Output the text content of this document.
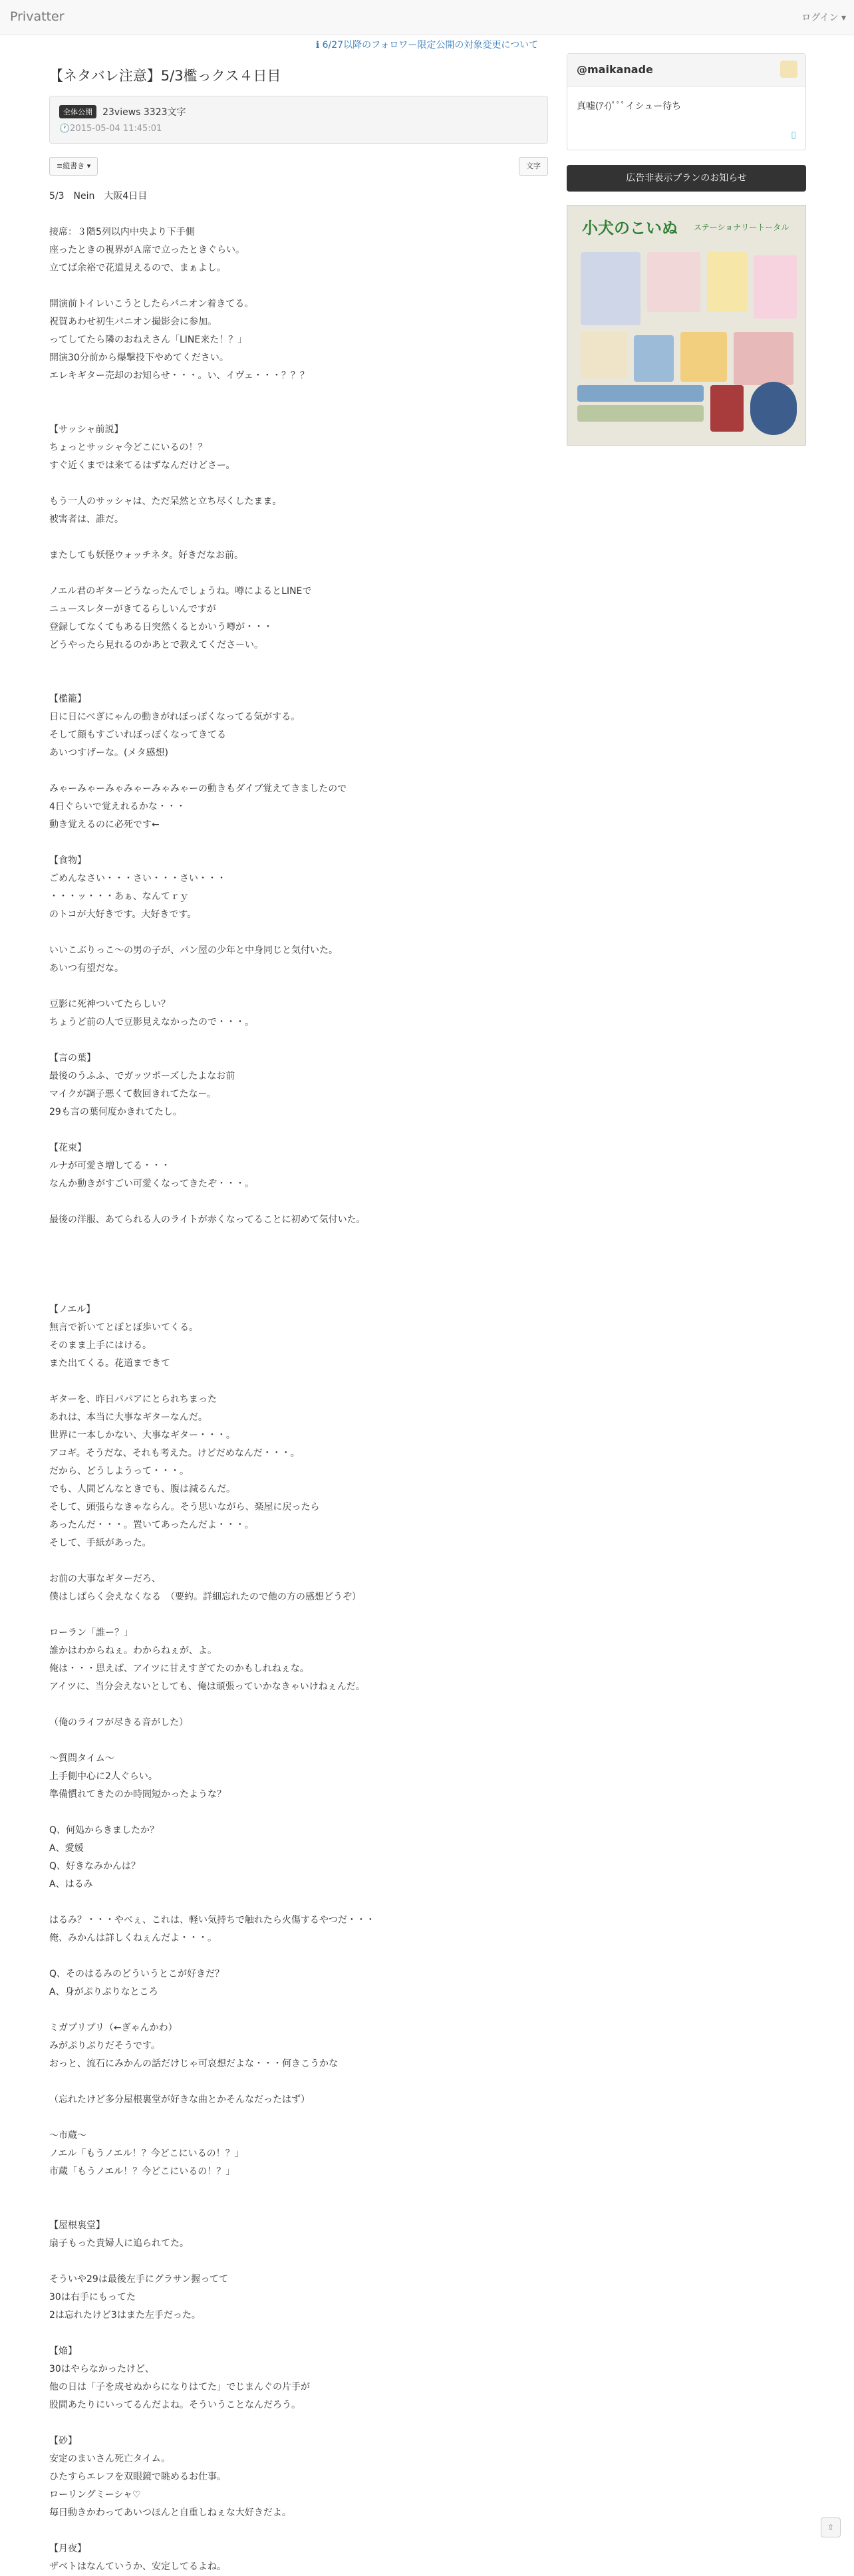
Privatter	ログイン ▾
ℹ 6/27以降のフォロワー限定公開の対象変更について
【ネタバレ注意】5/3檻っクス４日目
全体公開 23views 3323文字
🕐2015-05-04 11:45:01
≡縦書き ▾	文字
5/3　Nein　大阪4日目

接席：３階5列以内中央より下手側
座ったときの視界がＡ席で立ったときぐらい。
立てば余裕で花道見えるので、まぁよし。

開演前トイレいこうとしたらパニオン着きてる。
祝賀あわせ初生パニオン撮影会に参加。
ってしてたら隣のおねえさん「LINE来た！？」
開演30分前から爆撃投下やめてください。
エレキギター売却のお知らせ・・・。い、イヴェ・・・？？？

【サッシャ前説】
ちょっとサッシャ今どこにいるの！？
すぐ近くまでは来てるはずなんだけどさー。

もう一人のサッシャは、ただ呆然と立ち尽くしたまま。
被害者は、誰だ。

またしても妖怪ウォッチネタ。好きだなお前。

ノエル君のギターどうなったんでしょうね。噂によるとLINEで
ニュースレターがきてるらしいんですが
登録してなくてもある日突然くるとかいう噂が・・・
どうやったら見れるのかあとで教えてくださーい。

【檻籠】
日に日にべぎにゃんの動きがれぼっぽくなってる気がする。
そして顔もすごいれぼっぽくなってきてる
あいつすげーな。(メタ感想)

みゃーみゃーみゃみゃーみゃみゃーの動きもダイブ覚えてきましたので
4日ぐらいで覚えれるかな・・・
動き覚えるのに必死です←

【食物】
ごめんなさい・・・さい・・・さい・・・
・・・ッ・・・あぁ、なんてｒｙ
のトコが大好きです。大好きです。

いいこぶりっこ〜の男の子が、パン屋の少年と中身同じと気付いた。
あいつ有望だな。

豆影に死神ついてたらしい？
ちょうど前の人で豆影見えなかったので・・・。

【言の葉】
最後のうふふ、でガッツポーズしたよなお前
マイクが調子悪くて数回きれてたなー。
29も言の葉何度かきれてたし。

【花束】
ルナが可愛さ増してる・・・
なんか動きがすごい可愛くなってきたぞ・・・。

最後の洋服、あてられる人のライトが赤くなってることに初めて気付いた。

【ノエル】
無言で祈いてとぼとぼ歩いてくる。
そのまま上手にはける。
また出てくる。花道まできて

ギターを、昨日パパアにとられちまった
あれは、本当に大事なギターなんだ。
世界に一本しかない、大事なギター・・・。
アコギ。そうだな、それも考えた。けどだめなんだ・・・。
だから、どうしようって・・・。
でも、人間どんなときでも、腹は減るんだ。
そして、頭張らなきゃならん。そう思いながら、楽屋に戻ったら
あったんだ・・・。置いてあったんだよ・・・。
そして、手紙があった。

お前の大事なギターだろ、
僕はしばらく会えなくなる　（要約。詳細忘れたので他の方の感想どうぞ）

ローラン「誰ー？」
誰かはわからねぇ。わからねぇが、よ。
俺は・・・思えば、アイツに甘えすぎてたのかもしれねぇな。
アイツに、当分会えないとしても、俺は頑張っていかなきゃいけねぇんだ。

（俺のライフが尽きる音がした）

〜質問タイム〜
上手側中心に2人ぐらい。
準備慣れてきたのか時間短かったような？

Q、何処からきましたか？
A、愛媛
Q、好きなみかんは？
A、はるみ

はるみ？・・・やべぇ、これは、軽い気持ちで触れたら火傷するやつだ・・・
俺、みかんは詳しくねぇんだよ・・・。

Q、そのはるみのどういうとこが好きだ？
A、身がぷりぷりなところ

ミガプリプリ（←ぎゃんかわ）
みがぷりぷりだそうです。
おっと、流石にみかんの話だけじゃ可哀想だよな・・・何きこうかな

（忘れたけど多分屋根裏堂が好きな曲とかそんなだったはず）

〜市蔵〜
ノエル「もうノエル！？今どこにいるの！？」
市蔵「もうノエル！？今どこにいるの！？」

【屋根裏堂】
扇子もった貴婦人に追られてた。

そういや29は最後左手にグラサン握ってて
30は右手にもってた
2は忘れたけど3はまた左手だった。

【焔】
30はやらなかったけど、
他の日は「子を成せぬからになりはてた」でじまんぐの片手が
股間あたりにいってるんだよね。そういうことなんだろう。

【砂】
安定のまいさん死亡タイム。
ひたすらエレフを双眼鏡で眺めるお仕事。
ローリングミーシャ♡
毎日動きかわってあいつほんと自重しねぇな大好きだよ。

【月夜】
ザベトはなんていうか、安定してるよね。
@maikanade
真嘘(ｱｲ)ﾟﾟﾟイシュー待ち
▯
広告非表示プランのお知らせ
小犬のこいぬ ステーショナリートータル
⇧
